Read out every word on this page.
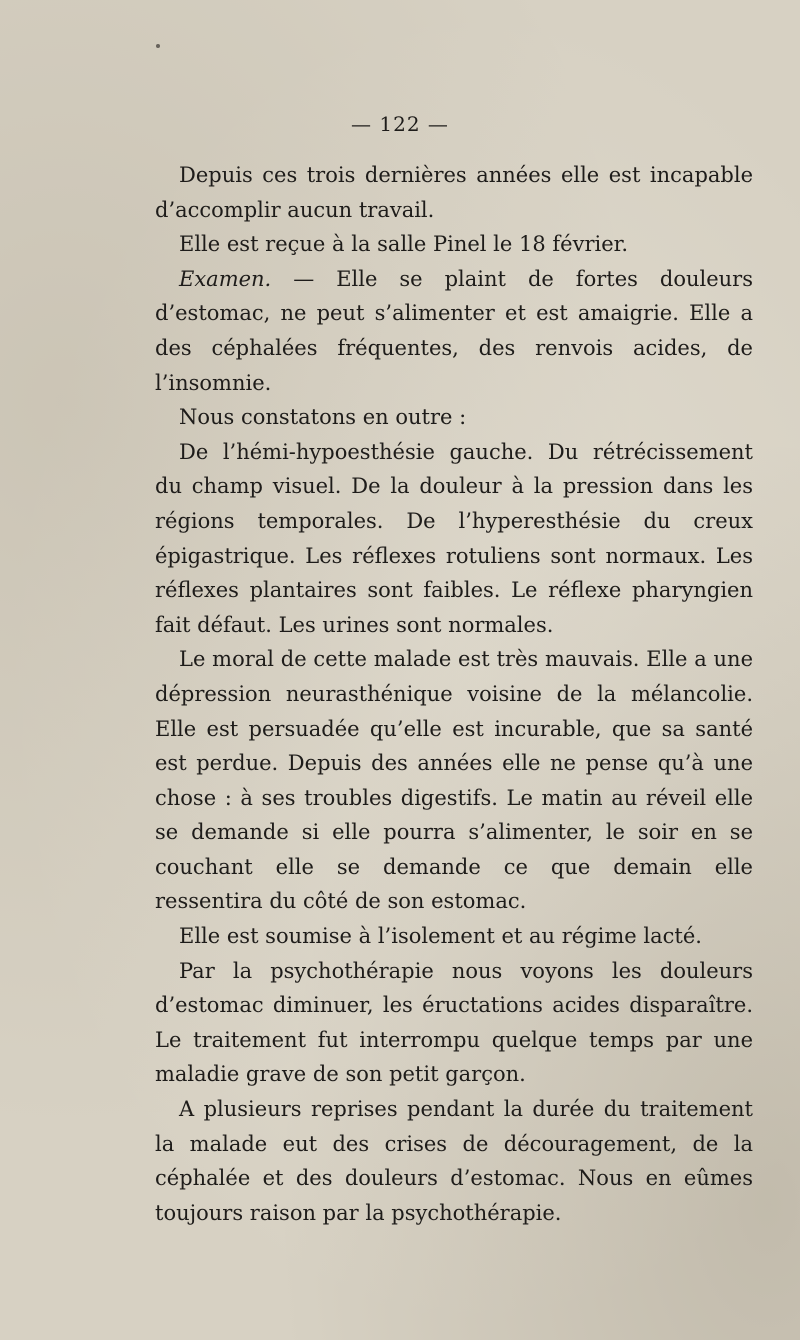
— 122 —

Depuis ces trois dernières années elle est incapable d’accomplir aucun travail.

Elle est reçue à la salle Pinel le 18 février.

Examen. — Elle se plaint de fortes douleurs d’estomac, ne peut s’alimenter et est amaigrie. Elle a des céphalées fréquentes, des renvois acides, de l’insomnie.

Nous constatons en outre :

De l’hémi-hypoesthésie gauche. Du rétrécissement du champ visuel. De la douleur à la pression dans les régions temporales. De l’hyperesthésie du creux épigastrique. Les réflexes rotuliens sont normaux. Les réflexes plantaires sont faibles. Le réflexe pharyngien fait défaut. Les urines sont normales.

Le moral de cette malade est très mauvais. Elle a une dépression neurasthénique voisine de la mélancolie. Elle est persuadée qu’elle est incurable, que sa santé est perdue. Depuis des années elle ne pense qu’à une chose : à ses troubles digestifs. Le matin au réveil elle se demande si elle pourra s’alimenter, le soir en se couchant elle se demande ce que demain elle ressentira du côté de son estomac.

Elle est soumise à l’isolement et au régime lacté.

Par la psychothérapie nous voyons les douleurs d’estomac diminuer, les éructations acides disparaître. Le traitement fut interrompu quelque temps par une maladie grave de son petit garçon.

A plusieurs reprises pendant la durée du traitement la malade eut des crises de découragement, de la céphalée et des douleurs d’estomac. Nous en eûmes toujours raison par la psychothérapie.
